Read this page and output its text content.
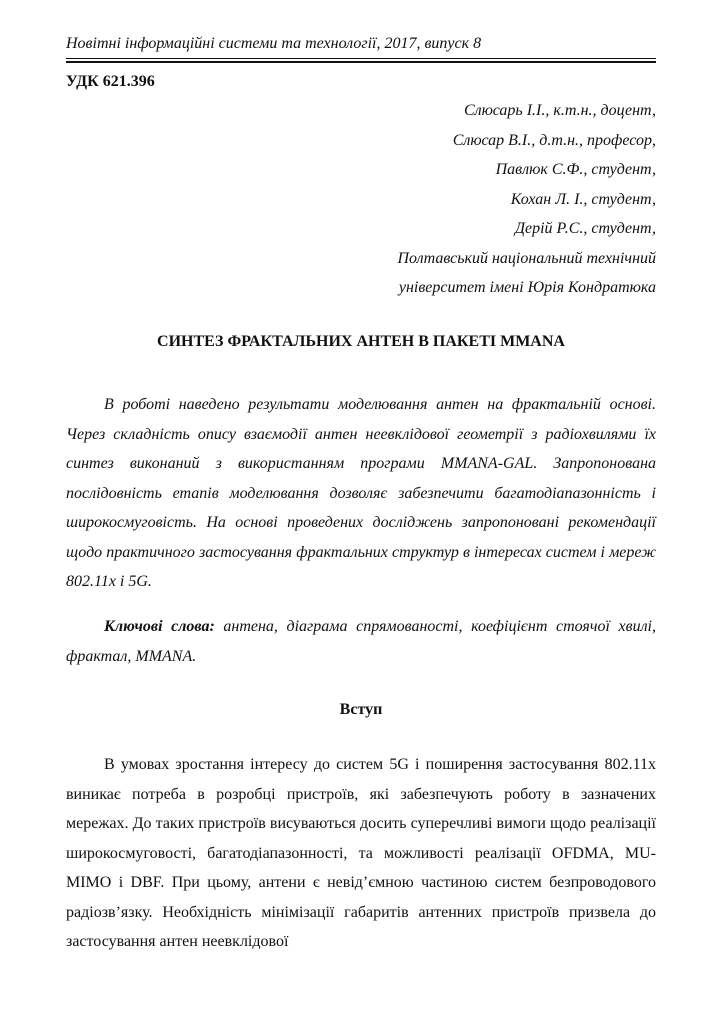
Новітні інформаційні системи та технології, 2017, випуск 8
УДК 621.396
Слюсарь І.І., к.т.н., доцент,
Слюсар В.І., д.т.н., професор,
Павлюк С.Ф., студент,
Кохан Л. І., студент,
Дерій Р.С., студент,
Полтавський національний технічний
університет імені Юрія Кондратюка
СИНТЕЗ ФРАКТАЛЬНИХ АНТЕН В ПАКЕТІ MMANA

В роботі наведено результати моделювання антен на фрактальній основі. Через складність опису взаємодії антен неевклідової геометрії з радіохвилями їх синтез виконаний з використанням програми MMANA-GAL. Запропонована послідовність етапів моделювання дозволяє забезпечити багатодіапазонність і широкосмуговість. На основі проведених досліджень запропоновані рекомендації щодо практичного застосування фрактальних структур в інтересах систем і мереж 802.11x і 5G.

Ключові слова: антена, діаграма спрямованості, коефіцієнт стоячої хвилі, фрактал, MMANA.

Вступ

В умовах зростання інтересу до систем 5G і поширення застосування 802.11x виникає потреба в розробці пристроїв, які забезпечують роботу в зазначених мережах. До таких пристроїв висуваються досить суперечливі вимоги щодо реалізації широкосмуговості, багатодіапазонності, та можливості реалізації OFDMA, MU-MIMO і DBF. При цьому, антени є невід’ємною частиною систем безпроводового радіозв’язку. Необхідність мінімізації габаритів антенних пристроїв призвела до застосування антен неевклідової
